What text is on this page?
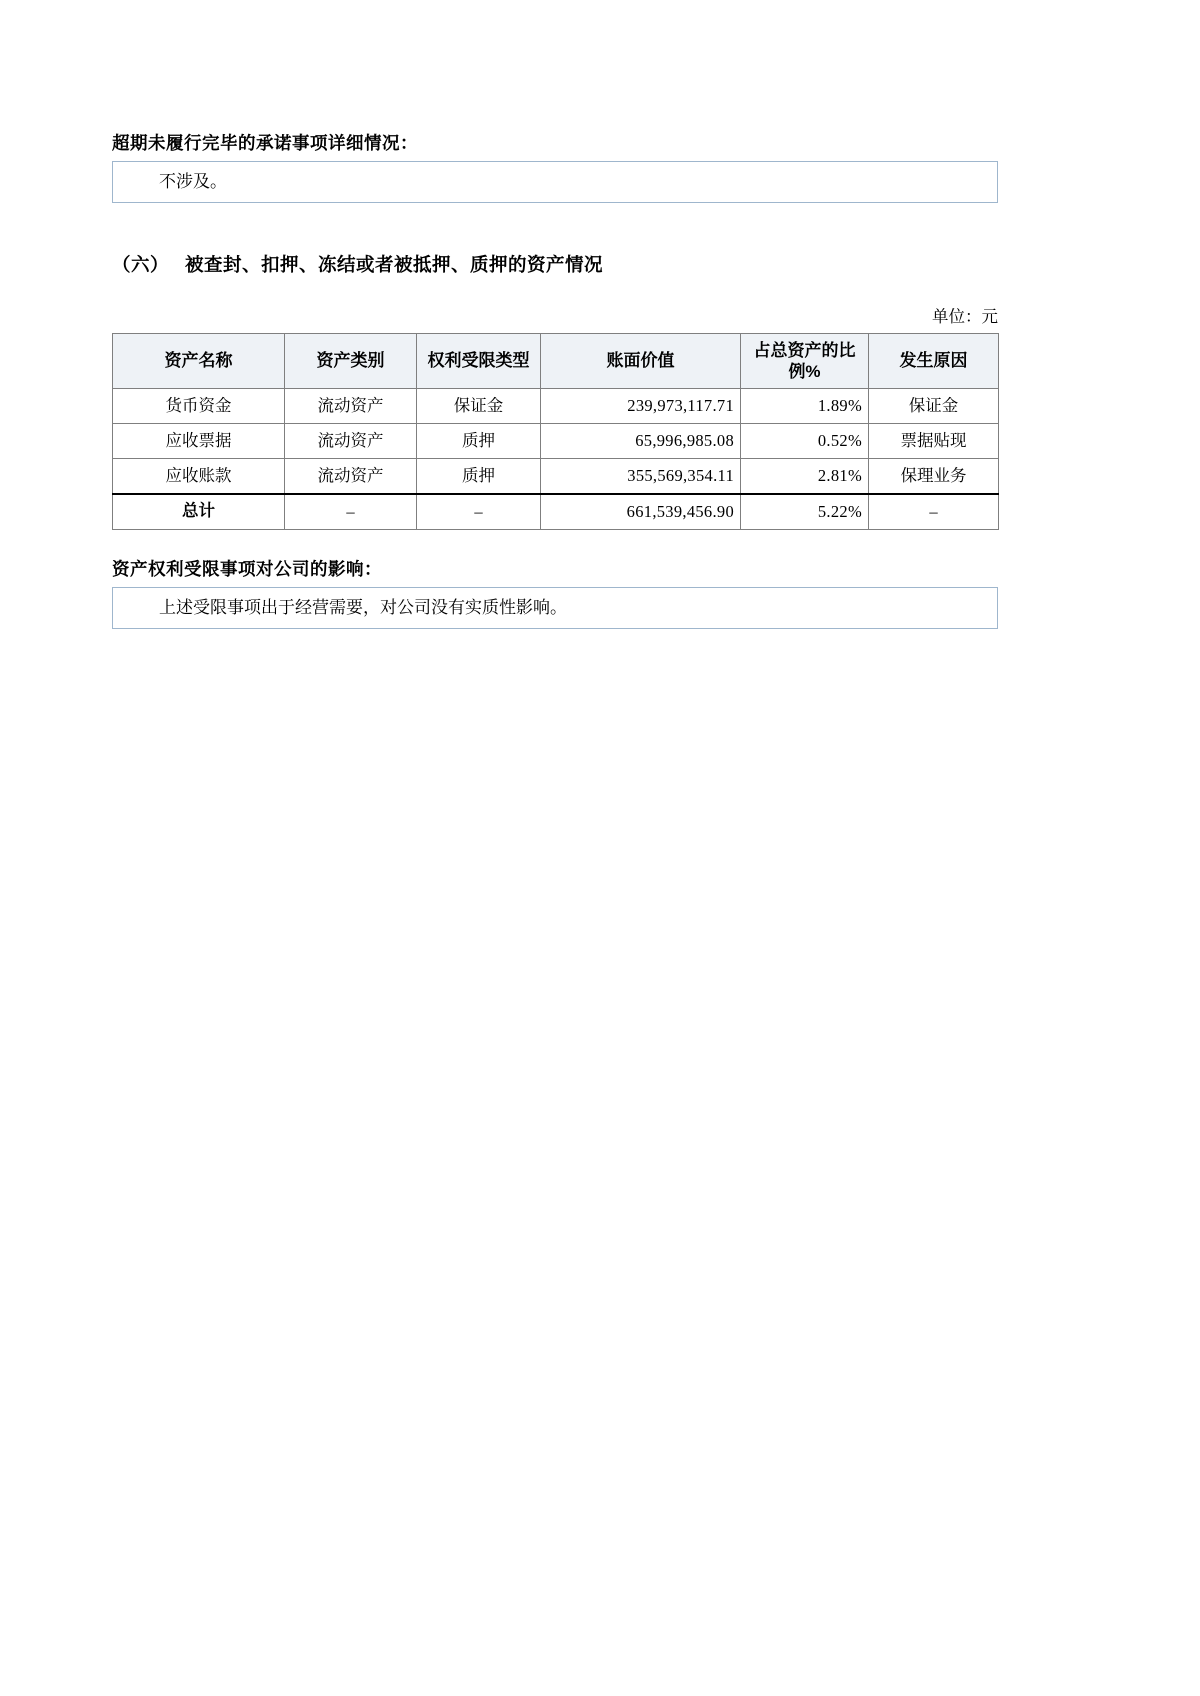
超期未履行完毕的承诺事项详细情况：
不涉及。
（六） 被查封、扣押、冻结或者被抵押、质押的资产情况
单位：元
资产名称	资产类别	权利受限类型	账面价值	占总资产的比例%	发生原因
货币资金	流动资产	保证金	239,973,117.71	1.89%	保证金
应收票据	流动资产	质押	65,996,985.08	0.52%	票据贴现
应收账款	流动资产	质押	355,569,354.11	2.81%	保理业务
总计	–	–	661,539,456.90	5.22%	–
资产权利受限事项对公司的影响：
上述受限事项出于经营需要，对公司没有实质性影响。
